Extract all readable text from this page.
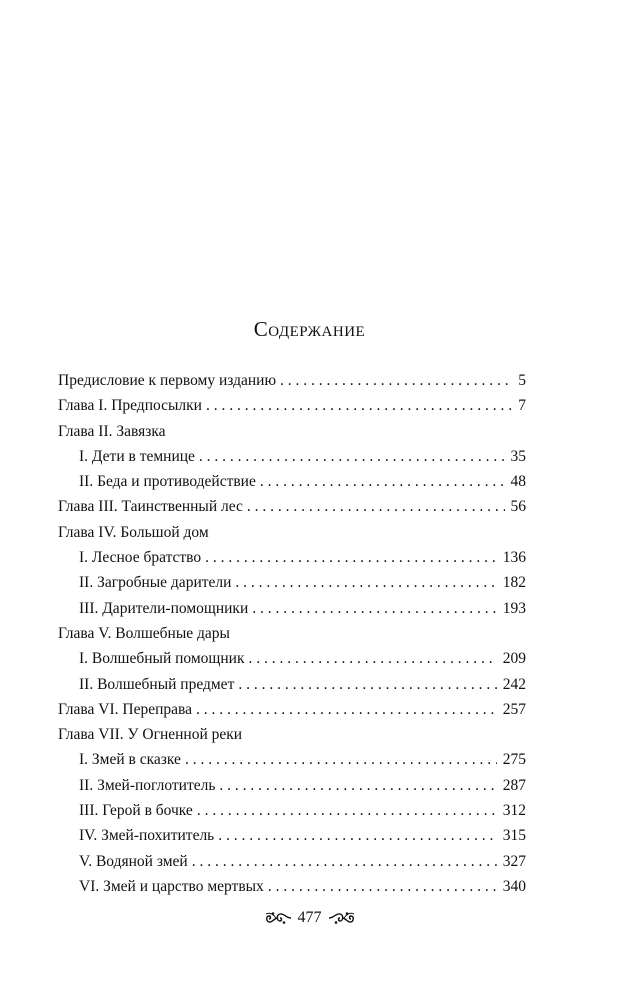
Содержание
Предисловие к первому изданию . . .	5
Глава I. Предпосылки . . .	7
Глава II. Завязка
I. Дети в темнице . . .	35
II. Беда и противодействие . . .	48
Глава III. Таинственный лес . . .	56
Глава IV. Большой дом
I. Лесное братство . . .	136
II. Загробные дарители . . .	182
III. Дарители-помощники . . .	193
Глава V. Волшебные дары
I. Волшебный помощник . . .	209
II. Волшебный предмет . . .	242
Глава VI. Переправа . . .	257
Глава VII. У Огненной реки
I. Змей в сказке . . .	275
II. Змей-поглотитель . . .	287
III. Герой в бочке . . .	312
IV. Змей-похититель . . .	315
V. Водяной змей . . .	327
VI. Змей и царство мертвых . . .	340
477
